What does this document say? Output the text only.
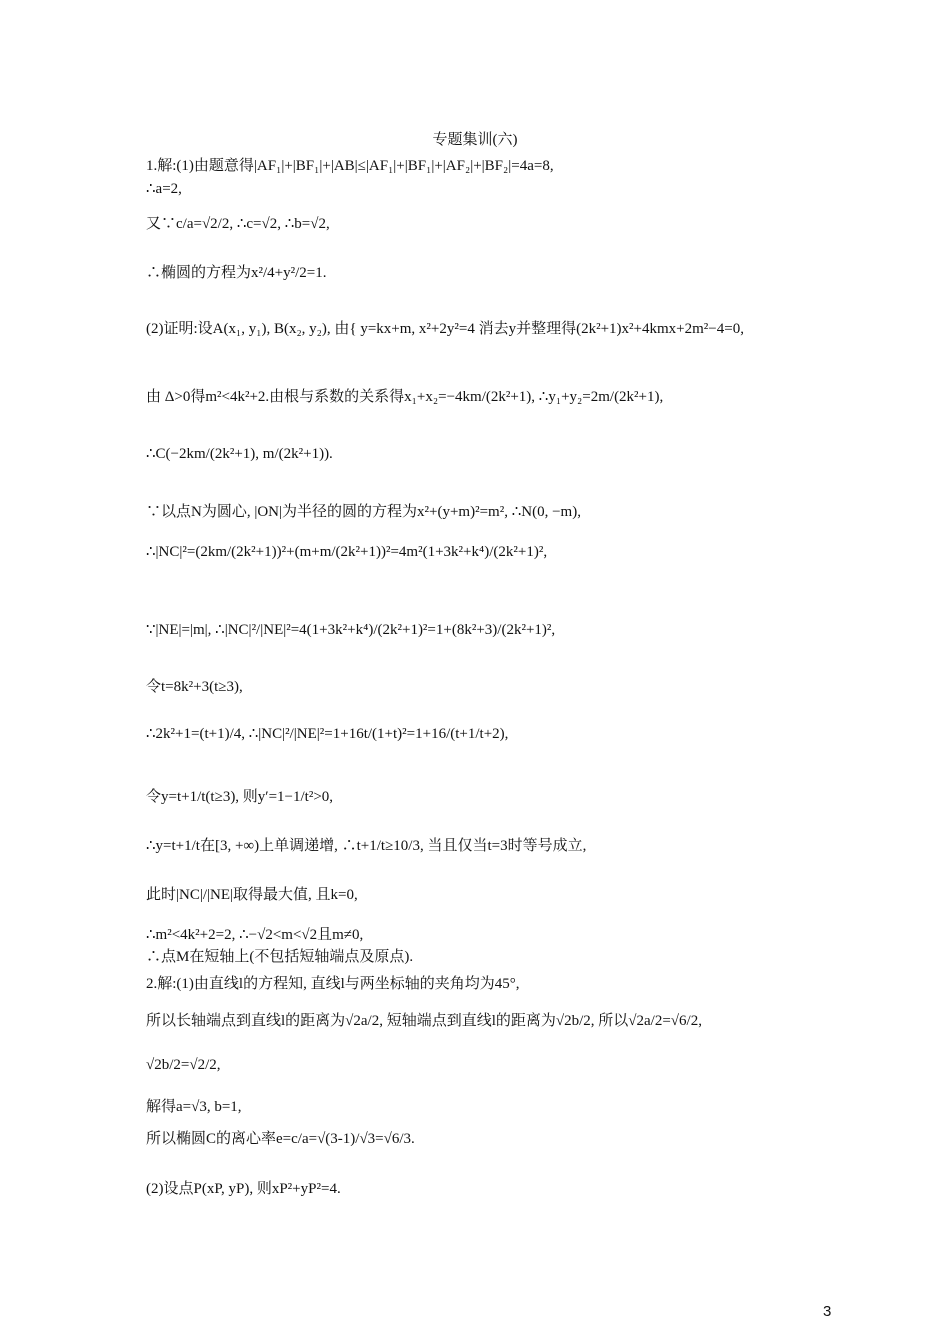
专题集训(六)
1.解:(1)由题意得|AF₁|+|BF₁|+|AB|≤|AF₁|+|BF₁|+|AF₂|+|BF₂|=4a=8,
∴a=2,
又∵c/a=√2/2, ∴c=√2, ∴b=√2,
∴椭圆的方程为x²/4+y²/2=1.
(2)证明:设A(x₁, y₁), B(x₂, y₂), 由{ y=kx+m, x²+2y²=4 消去y并整理得(2k²+1)x²+4kmx+2m²−4=0,
由 Δ>0得m²<4k²+2.由根与系数的关系得x₁+x₂=−4km/(2k²+1), ∴y₁+y₂=2m/(2k²+1),
∴C(−2km/(2k²+1), m/(2k²+1)).
∵以点N为圆心, |ON|为半径的圆的方程为x²+(y+m)²=m², ∴N(0, −m),
∴|NC|²=(2km/(2k²+1))²+(m+m/(2k²+1))²=4m²(1+3k²+k⁴)/(2k²+1)²,
∵|NE|=|m|, ∴|NC|²/|NE|²=4(1+3k²+k⁴)/(2k²+1)²=1+(8k²+3)/(2k²+1)²,
令t=8k²+3(t≥3),
∴2k²+1=(t+1)/4, ∴|NC|²/|NE|²=1+16t/(1+t)²=1+16/(t+1/t+2),
令y=t+1/t(t≥3), 则y′=1−1/t²>0,
∴y=t+1/t在[3, +∞)上单调递增, ∴t+1/t≥10/3, 当且仅当t=3时等号成立,
此时|NC|/|NE|取得最大值, 且k=0,
∴m²<4k²+2=2, ∴−√2<m<√2且m≠0,
∴点M在短轴上(不包括短轴端点及原点).
2.解:(1)由直线l的方程知, 直线l与两坐标轴的夹角均为45°,
所以长轴端点到直线l的距离为√2a/2, 短轴端点到直线l的距离为√2b/2, 所以√2a/2=√6/2,
√2b/2=√2/2,
解得a=√3, b=1,
所以椭圆C的离心率e=c/a=√(3-1)/√3=√6/3.
(2)设点P(xP, yP), 则xP²+yP²=4.
3
